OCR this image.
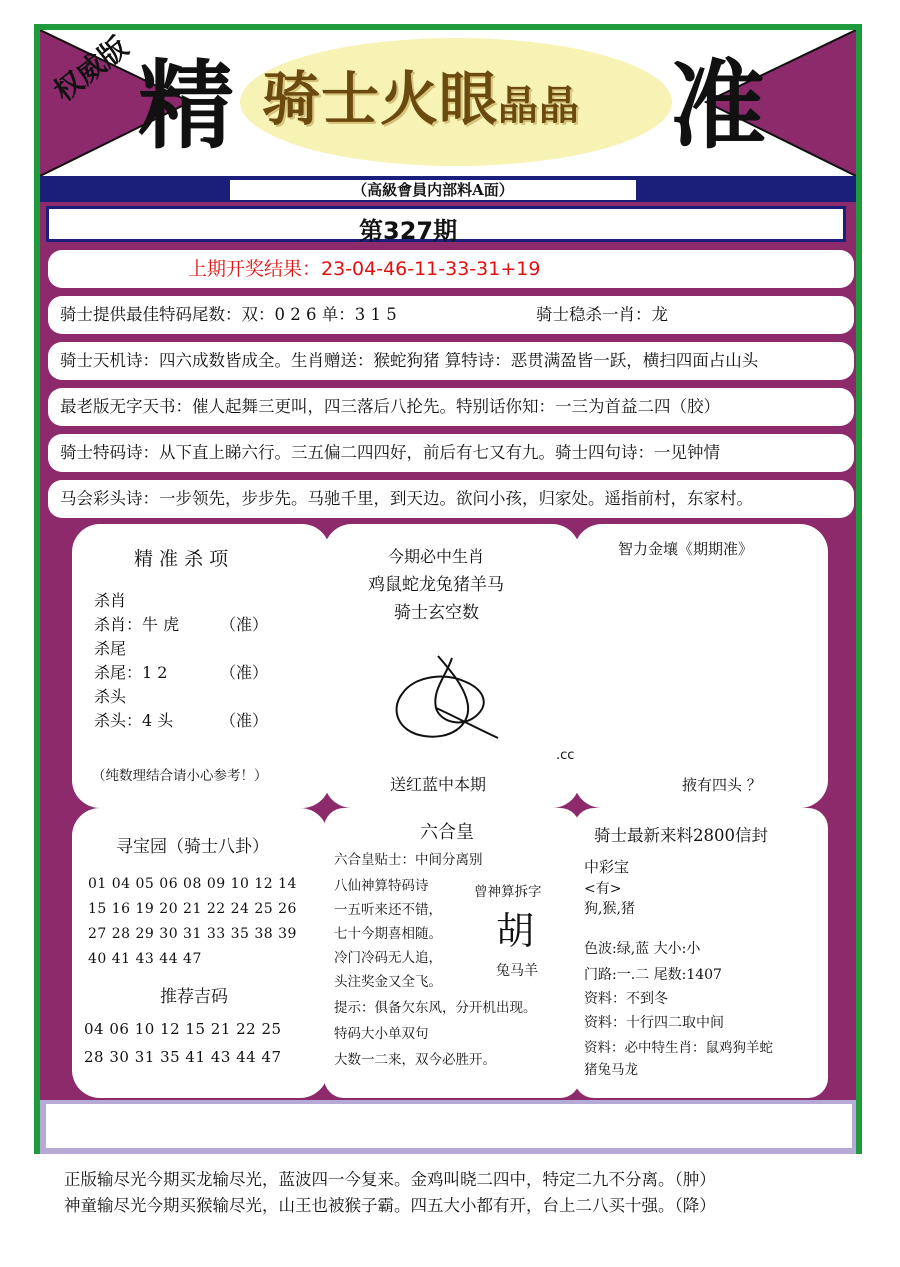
权威版 精 骑士火眼晶晶 准
（高級會員内部料A面）
第327期
上期开奖结果：23-04-46-11-33-31+19
骑士提供最佳特码尾数：双：0 2 6 单：3 1 5	骑士稳杀一肖：龙
骑士天机诗：四六成数皆成全。生肖赠送：猴蛇狗猪 算特诗：恶贯满盈皆一跃，横扫四面占山头
最老版无字天书：催人起舞三更叫，四三落后八抡先。特别话你知：一三为首益二四（胶）
骑士特码诗：从下直上睇六行。三五偏二四四好，前后有七又有九。骑士四句诗：一见钟情
马会彩头诗：一步领先，步步先。马驰千里，到天边。欲问小孩，归家处。遥指前村，东家村。
精 准 杀 项
杀肖
杀肖：牛 虎	（准）
杀尾
杀尾：1 2	（准）
杀头
杀头：4 头	（准）
（纯数理结合请小心参考！）
今期必中生肖
鸡鼠蛇龙兔猪羊马
骑士玄空数
.cc
送红蓝中本期
智力金壤《期期准》
掖有四头 ？
寻宝园（骑士八卦）
01 04 05 06 08 09 10 12 14
15 16 19 20 21 22 24 25 26
27 28 29 30 31 33 35 38 39
40 41 43 44 47
推荐吉码
04 06 10 12 15 21 22 25
28 30 31 35 41 43 44 47
六合皇
六合皇贴士：中间分离别
八仙神算特码诗
一五听来还不错，
七十今期喜相随。
冷门冷码无人追，
头注奖金又全飞。
提示：俱备欠东风，分开机出现。
特码大小单双句
大数一二来，双今必胜开。
曾神算拆字
胡
兔马羊
骑士最新来料2800信封
中彩宝
<有>
狗,猴,猪
色波:绿,蓝 大小:小
门路:一.二 尾数:1407
资料：不到冬
资料：十行四二取中间
资料：必中特生肖：鼠鸡狗羊蛇
猪兔马龙
正版输尽光今期买龙输尽光，蓝波四一今复来。金鸡叫晓二四中，特定二九不分离。（肿）
神童输尽光今期买猴输尽光，山王也被猴子霸。四五大小都有开，台上二八买十强。（降）
